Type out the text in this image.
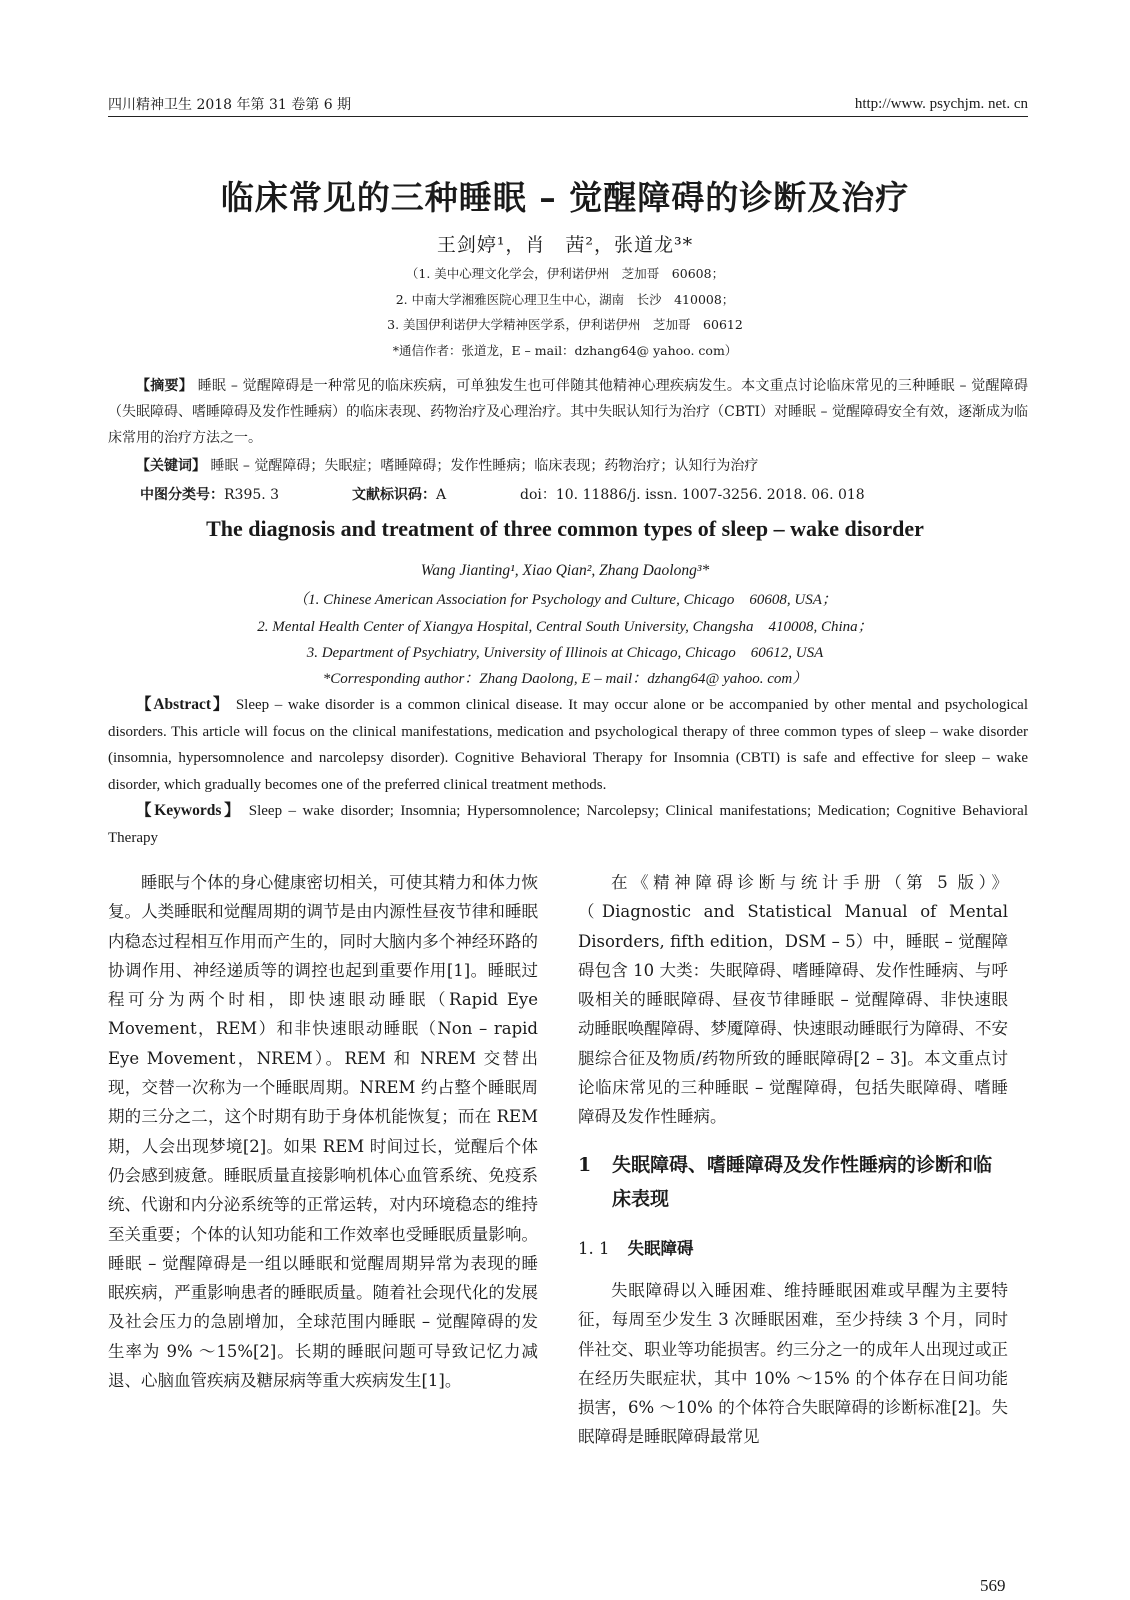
四川精神卫生 2018 年第 31 卷第 6 期	http://www. psychjm. net. cn
临床常见的三种睡眠 – 觉醒障碍的诊断及治疗
王剑婷¹，肖　茜²，张道龙³*
（1. 美中心理文化学会，伊利诺伊州　芝加哥　60608；
2. 中南大学湘雅医院心理卫生中心，湖南　长沙　410008；
3. 美国伊利诺伊大学精神医学系，伊利诺伊州　芝加哥　60612
*通信作者：张道龙，E – mail：dzhang64@ yahoo. com）
【摘要】 睡眠 – 觉醒障碍是一种常见的临床疾病，可单独发生也可伴随其他精神心理疾病发生。本文重点讨论临床常见的三种睡眠 – 觉醒障碍（失眠障碍、嗜睡障碍及发作性睡病）的临床表现、药物治疗及心理治疗。其中失眠认知行为治疗（CBTI）对睡眠 – 觉醒障碍安全有效，逐渐成为临床常用的治疗方法之一。
【关键词】 睡眠 – 觉醒障碍；失眠症；嗜睡障碍；发作性睡病；临床表现；药物治疗；认知行为治疗
中图分类号：R395. 3	文献标识码：A	doi：10. 11886/j. issn. 1007-3256. 2018. 06. 018
The diagnosis and treatment of three common types of sleep – wake disorder
Wang Jianting¹, Xiao Qian², Zhang Daolong³*
（1. Chinese American Association for Psychology and Culture, Chicago　60608, USA；
2. Mental Health Center of Xiangya Hospital, Central South University, Changsha　410008, China；
3. Department of Psychiatry, University of Illinois at Chicago, Chicago　60612, USA
*Corresponding author：Zhang Daolong, E – mail：dzhang64@ yahoo. com）
【Abstract】 Sleep – wake disorder is a common clinical disease. It may occur alone or be accompanied by other mental and psychological disorders. This article will focus on the clinical manifestations, medication and psychological therapy of three common types of sleep – wake disorder (insomnia, hypersomnolence and narcolepsy disorder). Cognitive Behavioral Therapy for Insomnia (CBTI) is safe and effective for sleep – wake disorder, which gradually becomes one of the preferred clinical treatment methods.
【Keywords】 Sleep – wake disorder; Insomnia; Hypersomnolence; Narcolepsy; Clinical manifestations; Medication; Cognitive Behavioral Therapy

睡眠与个体的身心健康密切相关，可使其精力和体力恢复。人类睡眠和觉醒周期的调节是由内源性昼夜节律和睡眠内稳态过程相互作用而产生的，同时大脑内多个神经环路的协调作用、神经递质等的调控也起到重要作用[1]。睡眠过程可分为两个时相，即快速眼动睡眠（Rapid Eye Movement，REM）和非快速眼动睡眠（Non – rapid Eye Movement，NREM）。REM 和 NREM 交替出现，交替一次称为一个睡眠周期。NREM 约占整个睡眠周期的三分之二，这个时期有助于身体机能恢复；而在 REM 期，人会出现梦境[2]。如果 REM 时间过长，觉醒后个体仍会感到疲惫。睡眠质量直接影响机体心血管系统、免疫系统、代谢和内分泌系统等的正常运转，对内环境稳态的维持至关重要；个体的认知功能和工作效率也受睡眠质量影响。睡眠 – 觉醒障碍是一组以睡眠和觉醒周期异常为表现的睡眠疾病，严重影响患者的睡眠质量。随着社会现代化的发展及社会压力的急剧增加，全球范围内睡眠 – 觉醒障碍的发生率为 9% ～15%[2]。长期的睡眠问题可导致记忆力减退、心脑血管疾病及糖尿病等重大疾病发生[1]。

在《精神障碍诊断与统计手册（第 5 版）》（Diagnostic and Statistical Manual of Mental Disorders, fifth edition，DSM – 5）中，睡眠 – 觉醒障碍包含 10 大类：失眠障碍、嗜睡障碍、发作性睡病、与呼吸相关的睡眠障碍、昼夜节律睡眠 – 觉醒障碍、非快速眼动睡眠唤醒障碍、梦魇障碍、快速眼动睡眠行为障碍、不安腿综合征及物质/药物所致的睡眠障碍[2 – 3]。本文重点讨论临床常见的三种睡眠 – 觉醒障碍，包括失眠障碍、嗜睡障碍及发作性睡病。

1 失眠障碍、嗜睡障碍及发作性睡病的诊断和临床表现
1. 1 失眠障碍

失眠障碍以入睡困难、维持睡眠困难或早醒为主要特征，每周至少发生 3 次睡眠困难，至少持续 3 个月，同时伴社交、职业等功能损害。约三分之一的成年人出现过或正在经历失眠症状，其中 10% ～15% 的个体存在日间功能损害，6% ～10% 的个体符合失眠障碍的诊断标准[2]。失眠障碍是睡眠障碍最常见

569
